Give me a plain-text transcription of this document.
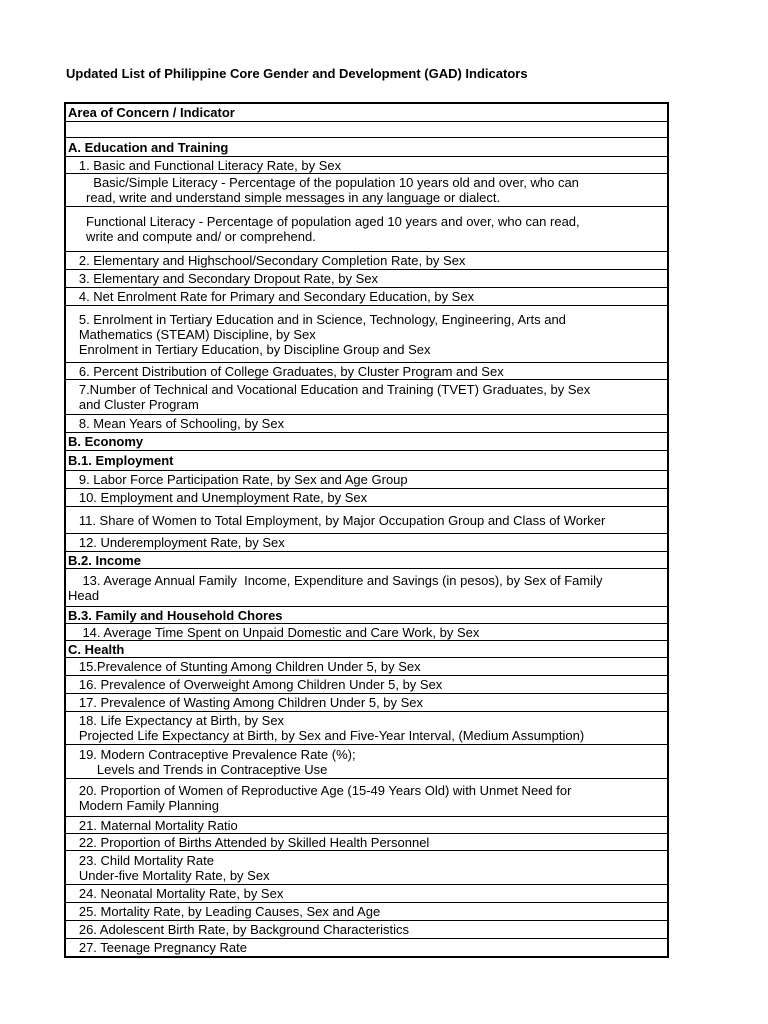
Updated List of Philippine Core Gender and Development (GAD) Indicators
Area of Concern / Indicator

A. Education and Training

1. Basic and Functional Literacy Rate, by Sex

Basic/Simple Literacy - Percentage of the population 10 years old and over, who can
read, write and understand simple messages in any language or dialect.

Functional Literacy - Percentage of population aged 10 years and over, who can read,
write and compute and/ or comprehend.

2. Elementary and Highschool/Secondary Completion Rate, by Sex

3. Elementary and Secondary Dropout Rate, by Sex

4. Net Enrolment Rate for Primary and Secondary Education, by Sex

5. Enrolment in Tertiary Education and in Science, Technology, Engineering, Arts and
Mathematics (STEAM) Discipline, by Sex
Enrolment in Tertiary Education, by Discipline Group and Sex

6. Percent Distribution of College Graduates, by Cluster Program and Sex

7.Number of Technical and Vocational Education and Training (TVET) Graduates, by Sex
and Cluster Program

8. Mean Years of Schooling, by Sex

B. Economy

B.1. Employment

9. Labor Force Participation Rate, by Sex and Age Group

10. Employment and Unemployment Rate, by Sex

11. Share of Women to Total Employment, by Major Occupation Group and Class of Worker

12. Underemployment Rate, by Sex

B.2. Income

13. Average Annual Family  Income, Expenditure and Savings (in pesos), by Sex of Family
Head

B.3. Family and Household Chores

14. Average Time Spent on Unpaid Domestic and Care Work, by Sex

C. Health

15.Prevalence of Stunting Among Children Under 5, by Sex

16. Prevalence of Overweight Among Children Under 5, by Sex

17. Prevalence of Wasting Among Children Under 5, by Sex

18. Life Expectancy at Birth, by Sex
Projected Life Expectancy at Birth, by Sex and Five-Year Interval, (Medium Assumption)

19. Modern Contraceptive Prevalence Rate (%);
Levels and Trends in Contraceptive Use

20. Proportion of Women of Reproductive Age (15-49 Years Old) with Unmet Need for
Modern Family Planning

21. Maternal Mortality Ratio

22. Proportion of Births Attended by Skilled Health Personnel

23. Child Mortality Rate
Under-five Mortality Rate, by Sex

24. Neonatal Mortality Rate, by Sex

25. Mortality Rate, by Leading Causes, Sex and Age

26. Adolescent Birth Rate, by Background Characteristics

27. Teenage Pregnancy Rate
